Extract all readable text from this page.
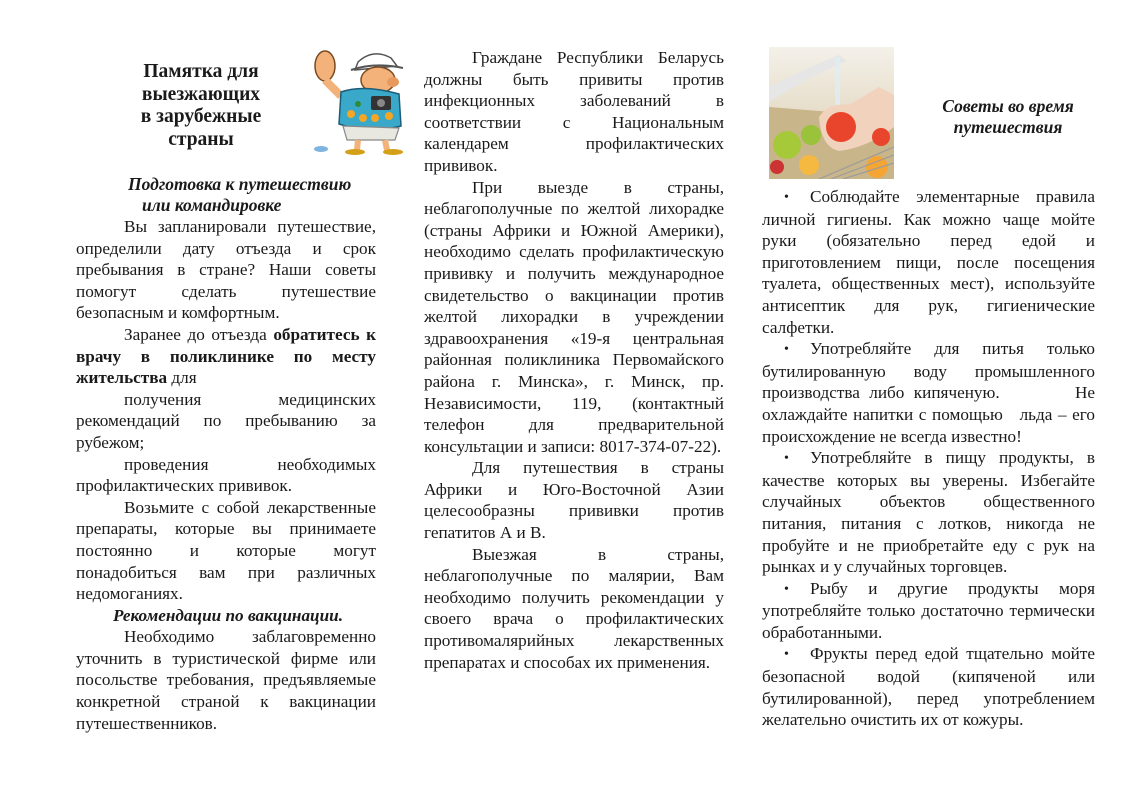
Памятка для
выезжающих
в зарубежные
страны
Подготовка к путешествию
или командировке

Вы запланировали путешествие, определили дату отъезда и срок пребывания в стране? Наши советы помогут сделать путешествие безопасным и комфортным.

Заранее до отъезда обратитесь к врачу в поликлинике по месту жительства для

получения медицинских рекомендаций по пребыванию за рубежом;

проведения необходимых профилактических прививок.

Возьмите с собой лекарственные препараты, которые вы принимаете постоянно и которые могут понадобиться вам при различных недомоганиях.

Рекомендации по вакцинации.

Необходимо заблаговременно уточнить в туристической фирме или посольстве требования, предъявляемые конкретной страной к вакцинации путешественников.

Граждане Республики Беларусь должны быть привиты против инфекционных заболеваний в соответствии с Национальным календарем профилактических прививок.

При выезде в страны, неблагополучные по желтой лихорадке (страны Африки и Южной Америки), необходимо сделать профилактическую прививку и получить международное свидетельство о вакцинации против желтой лихорадки в учреждении здравоохранения «19-я центральная районная поликлиника Первомайского района г. Минска», г. Минск, пр. Независимости, 119, (контактный телефон для предварительной консультации и записи: 8017-374-07-22).

Для путешествия в страны Африки и Юго-Восточной Азии целесообразны прививки против гепатитов А и В.

Выезжая в страны, неблагополучные по малярии, Вам необходимо получить рекомендации у своего врача о профилактических противомалярийных лекарственных препаратах и способах их применения.

Советы во время
путешествия

• Соблюдайте элементарные правила личной гигиены. Как можно чаще мойте руки (обязательно перед едой и приготовлением пищи, после посещения туалета, общественных мест), используйте антисептик для рук, гигиенические салфетки.

• Употребляйте для питья только бутилированную воду промышленного производства либо кипяченую.        Не охлаждайте напитки с помощью   льда – его происхождение не всегда известно!

• Употребляйте в пищу продукты, в качестве которых вы уверены. Избегайте случайных объектов общественного питания, питания с лотков, никогда не пробуйте и не приобретайте еду с рук на рынках и у случайных торговцев.

• Рыбу и другие продукты моря употребляйте только достаточно термически обработанными.

• Фрукты перед едой тщательно мойте безопасной водой (кипяченой или бутилированной), перед употреблением желательно очистить их от кожуры.
